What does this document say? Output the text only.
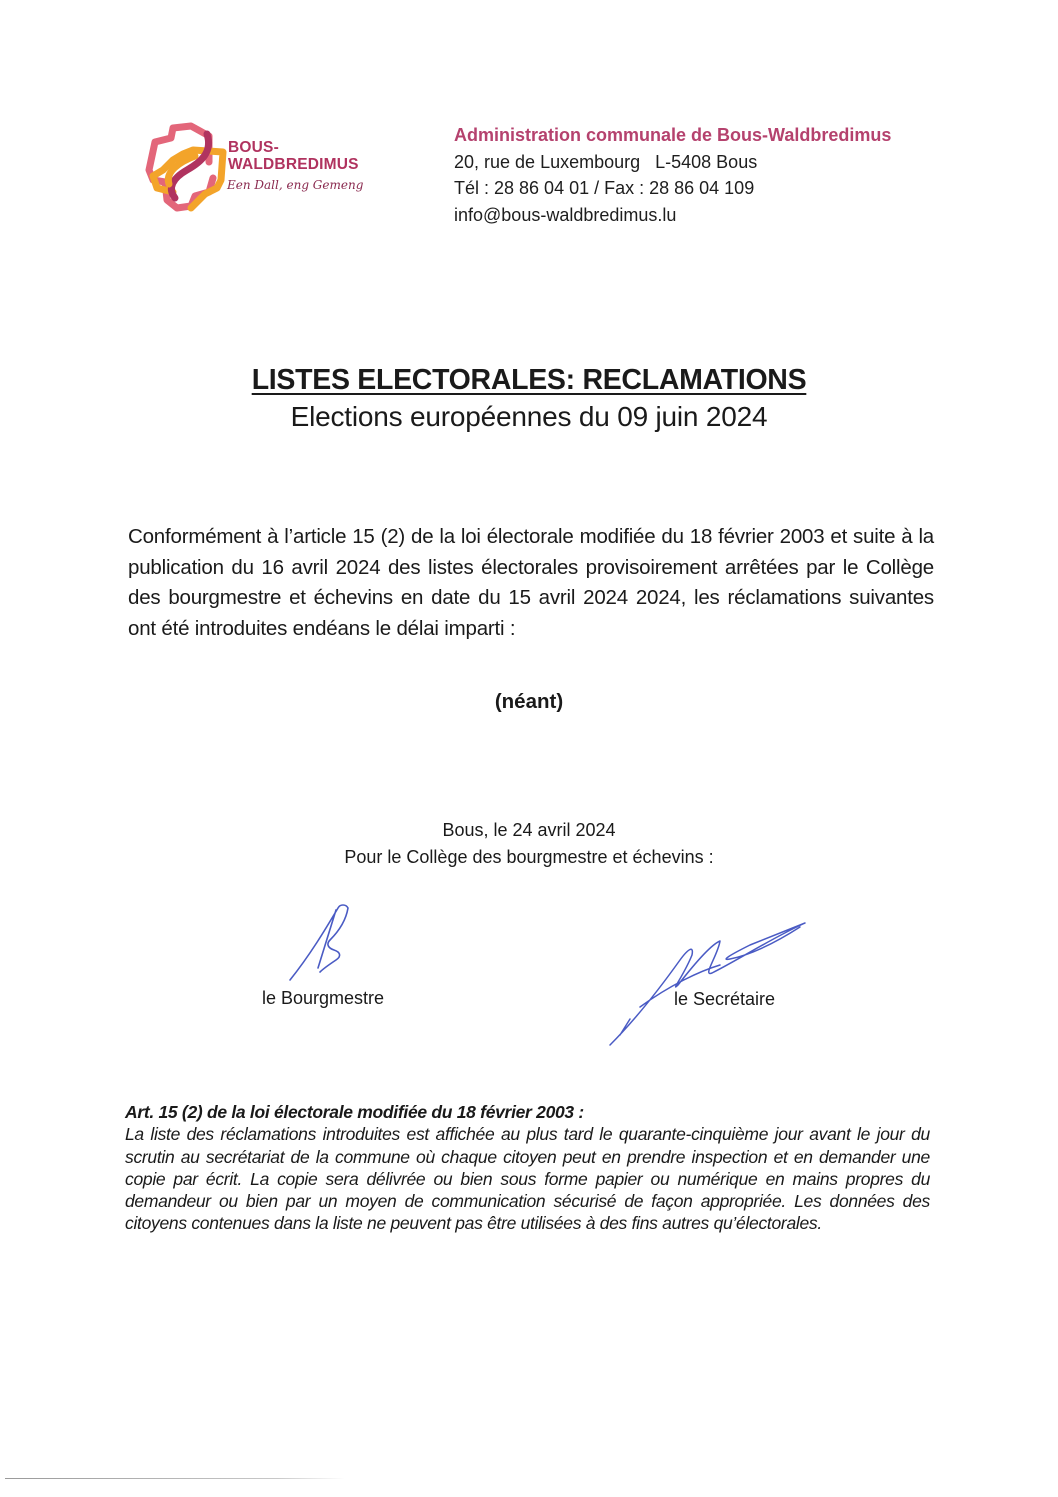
BOUS-
WALDBREDIMUS
Een Dall, eng Gemeng
Administration communale de Bous-Waldbredimus
20, rue de Luxembourg   L-5408 Bous
Tél : 28 86 04 01 / Fax : 28 86 04 109
info@bous-waldbredimus.lu
LISTES ELECTORALES: RECLAMATIONS
Elections européennes du 09 juin 2024
Conformément à l’article 15 (2) de la loi électorale modifiée du 18 février 2003 et suite à la publication du 16 avril 2024 des listes électorales provisoirement arrêtées par le Collège des bourgmestre et échevins en date du 15 avril 2024 2024, les réclamations suivantes ont été introduites endéans le délai imparti :
(néant)
Bous, le 24 avril 2024
Pour le Collège des bourgmestre et échevins :
le Bourgmestre	le Secrétaire
Art. 15 (2) de la loi électorale modifiée du 18 février 2003 :
La liste des réclamations introduites est affichée au plus tard le quarante-cinquième jour avant le jour du scrutin au secrétariat de la commune où chaque citoyen peut en prendre inspection et en demander une copie par écrit. La copie sera délivrée ou bien sous forme papier ou numérique en mains propres du demandeur ou bien par un moyen de communication sécurisé de façon appropriée. Les données des citoyens contenues dans la liste ne peuvent pas être utilisées à des fins autres qu’électorales.
